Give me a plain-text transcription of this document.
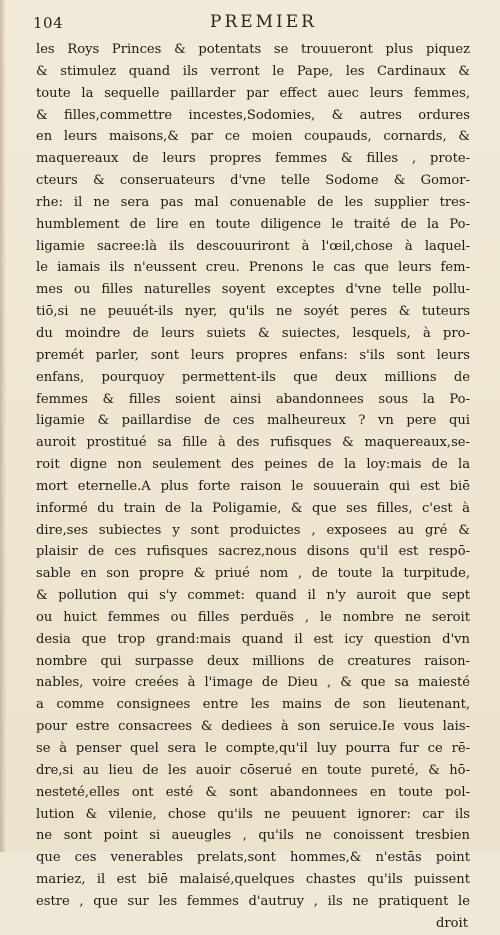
104	PREMIER
les Roys Princes & potentats se trouueront plus piquez
& stimulez quand ils verront le Pape, les Cardinaux &
toute la sequelle paillarder par effect auec leurs femmes,
& filles,commettre incestes,Sodomies, & autres ordures
en leurs maisons,& par ce moien coupauds, cornards, &
maquereaux de leurs propres femmes & filles , prote-
cteurs & conseruateurs d'vne telle Sodome & Gomor-
rhe: il ne sera pas mal conuenable de les supplier tres-
humblement de lire en toute diligence le traité de la Po-
ligamie sacree:là ils descouuriront à l'œil,chose à laquel-
le iamais ils n'eussent creu. Prenons le cas que leurs fem-
mes ou filles naturelles soyent exceptes d'vne telle pollu-
tiō,si ne peuuét-ils nyer, qu'ils ne soyét peres & tuteurs
du moindre de leurs suiets & suiectes, lesquels, à pro-
premét parler, sont leurs propres enfans: s'ils sont leurs
enfans, pourquoy permettent-ils que deux millions de
femmes & filles soient ainsi abandonnees sous la Po-
ligamie & paillardise de ces malheureux ? vn pere qui
auroit prostitué sa fille à des rufisques & maquereaux,se-
roit digne non seulement des peines de la loy:mais de la
mort eternelle.A plus forte raison le souuerain qui est biē
informé du train de la Poligamie, & que ses filles, c'est à
dire,ses subiectes y sont produictes , exposees au gré &
plaisir de ces rufisques sacrez,nous disons qu'il est respō-
sable en son propre & priué nom , de toute la turpitude,
& pollution qui s'y commet: quand il n'y auroit que sept
ou huict femmes ou filles perduës , le nombre ne seroit
desia que trop grand:mais quand il est icy question d'vn
nombre qui surpasse deux millions de creatures raison-
nables, voire creées à l'image de Dieu , & que sa maiesté
a comme consignees entre les mains de son lieutenant,
pour estre consacrees & dediees à son seruice.Ie vous lais-
se à penser quel sera le compte,qu'il luy pourra fur ce rē-
dre,si au lieu de les auoir cōserué en toute pureté, & hō-
nesteté,elles ont esté & sont abandonnees en toute pol-
lution & vilenie, chose qu'ils ne peuuent ignorer: car ils
ne sont point si aueugles , qu'ils ne conoissent tresbien
que ces venerables prelats,sont hommes,& n'estās point
mariez, il est biē malaisé,quelques chastes qu'ils puissent
estre , que sur les femmes d'autruy , ils ne pratiquent le
droit
